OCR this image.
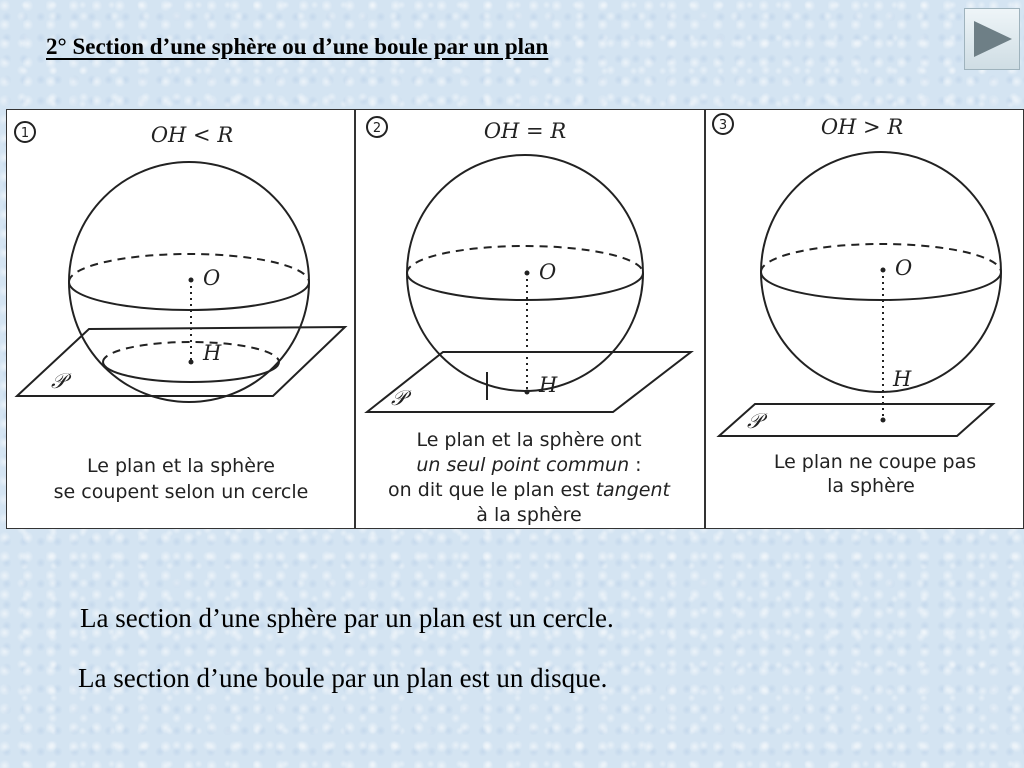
2° Section d’une sphère ou d’une boule par un plan
1	OH < R
O
H
𝒫
Le plan et la sphère
se coupent selon un cercle
2	OH = R
O
H
𝒫
Le plan et la sphère ont
un seul point commun :
on dit que le plan est tangent
à la sphère
3	OH > R
O
H
𝒫
Le plan ne coupe pas
la sphère
La section d’une sphère par un plan est un cercle.
La section d’une boule par un plan est un disque.
